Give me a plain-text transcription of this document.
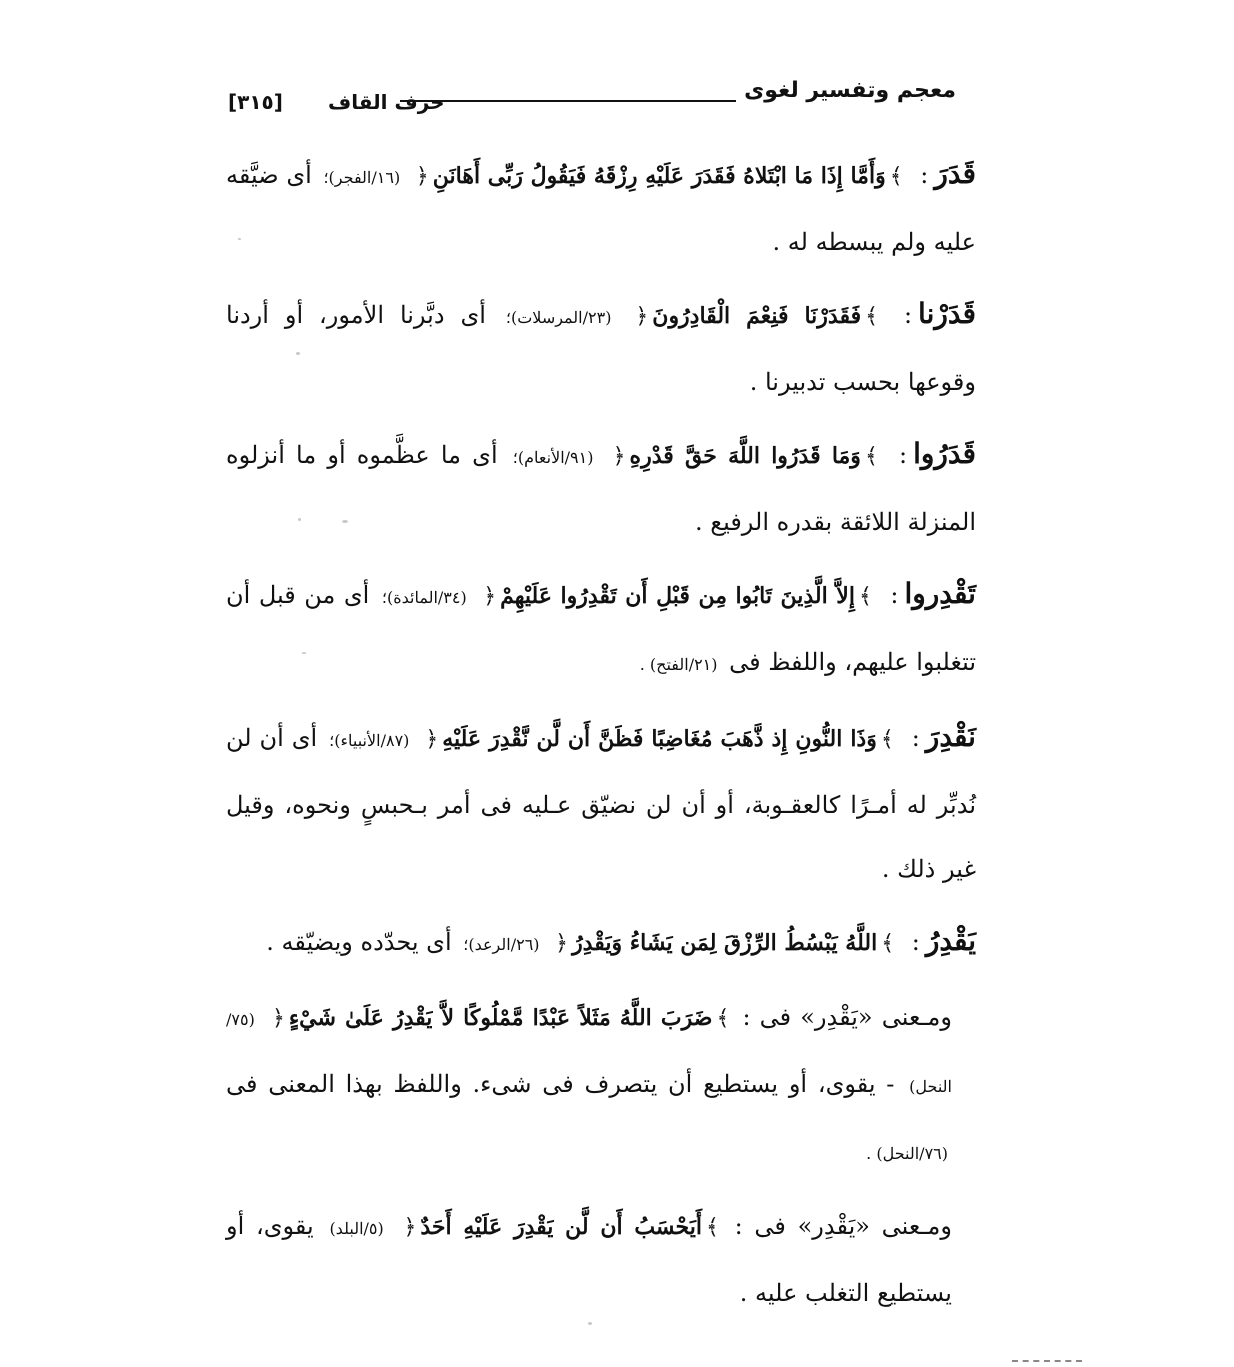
[٣١٥] حرف القاف	معجم وتفسير لغوى

قَدَرَ: ﴾وَأَمَّا إِذَا مَا ابْتَلاهُ فَقَدَرَ عَلَيْهِ رِزْقَهُ فَيَقُولُ رَبِّى أَهَانَنِ﴿ (١٦/الفجر)؛ أى ضيَّقه عليه ولم يبسطه له .

قَدَرْنا: ﴾فَقَدَرْنَا فَنِعْمَ الْقَادِرُونَ﴿ (٢٣/المرسلات)؛ أى دبَّرنا الأمور، أو أردنا وقوعها بحسب تدبيرنا .

قَدَرُوا: ﴾وَمَا قَدَرُوا اللَّهَ حَقَّ قَدْرِهِ﴿ (٩١/الأنعام)؛ أى ما عظَّموه أو ما أنزلوه المنزلة اللائقة بقدره الرفيع .

تَقْدِروا: ﴾إِلاَّ الَّذِينَ تَابُوا مِن قَبْلِ أَن تَقْدِرُوا عَلَيْهِمْ﴿ (٣٤/المائدة)؛ أى من قبل أن تتغلبوا عليهم، واللفظ فى (٢١/الفتح) .

نَقْدِرَ: ﴾وَذَا النُّونِ إِذ ذَّهَبَ مُغَاضِبًا فَظَنَّ أَن لَّن نَّقْدِرَ عَلَيْهِ﴿ (٨٧/الأنبياء)؛ أى أن لن نُدبِّر له أمـرًا كالعقـوبة، أو أن لن نضيّق عـليه فى أمر بـحبسٍ ونحوه، وقيل غير ذلك .

يَقْدِرُ: ﴾اللَّهُ يَبْسُطُ الرِّزْقَ لِمَن يَشَاءُ وَيَقْدِرُ﴿ (٢٦/الرعد)؛ أى يحدّده ويضيّقه .

ومـعنى «يَقْدِر» فى : ﴾ضَرَبَ اللَّهُ مَثَلاً عَبْدًا مَّمْلُوكًا لاَّ يَقْدِرُ عَلَىٰ شَيْءٍ﴿ (٧٥/النحل) - يقوى، أو يستطيع أن يتصرف فى شىء. واللفظ بهذا المعنى فى (٧٦/النحل) .

ومـعنى «يَقْدِر» فى : ﴾أَيَحْسَبُ أَن لَّن يَقْدِرَ عَلَيْهِ أَحَدٌ﴿ (٥/البلد) يقوى، أو يستطيع التغلب عليه .
